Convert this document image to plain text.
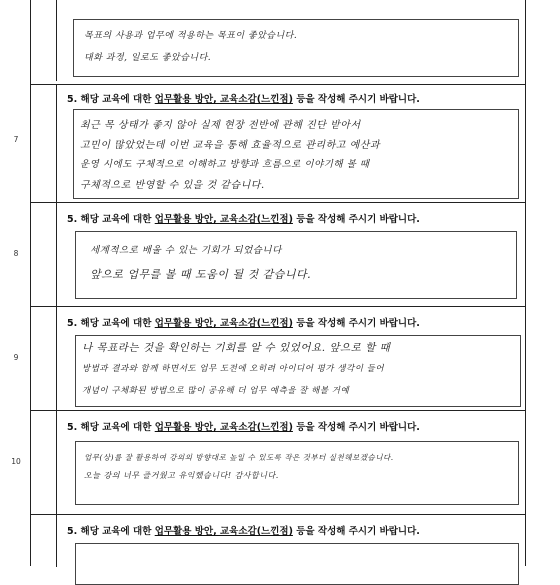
목표의 사용과 업무에 적용하는 목표이 좋았습니다.
대화 과정, 일로도 좋았습니다.
7
5. 해당 교육에 대한 업무활용 방안, 교육소감(느낀점) 등을 작성해 주시기 바랍니다.
최근 목 상태가 좋지 않아 실제 현장 전반에 관해 진단 받아서
고민이 많았었는데 이번 교육을 통해 효율적으로 관리하고 예산과
운영 시에도 구체적으로 이해하고 방향과 흐름으로 이야기해 볼 때
구체적으로 반영할 수 있을 것 같습니다.
8
5. 해당 교육에 대한 업무활용 방안, 교육소감(느낀점) 등을 작성해 주시기 바랍니다.
세계적으로 배울 수 있는 기회가 되었습니다
앞으로 업무를 볼 때 도움이 될 것 같습니다.
9
5. 해당 교육에 대한 업무활용 방안, 교육소감(느낀점) 등을 작성해 주시기 바랍니다.
나 목표라는 것을 확인하는 기회를 알 수 있었어요. 앞으로 할 때
방법과 결과와 함께 하면서도 업무 도전에 오히려 아이디어 평가 생각이 들어
개념이 구체화된 방법으로 많이 공유해 더 업무 예측을 잘 해볼 거예
10
5. 해당 교육에 대한 업무활용 방안, 교육소감(느낀점) 등을 작성해 주시기 바랍니다.
업무(상)를 잘 활용하여 강의의 방향대로 높일 수 있도록 작은 것부터 실천해보겠습니다.
오늘 강의 너무 즐거웠고 유익했습니다! 감사합니다.
5. 해당 교육에 대한 업무활용 방안, 교육소감(느낀점) 등을 작성해 주시기 바랍니다.
